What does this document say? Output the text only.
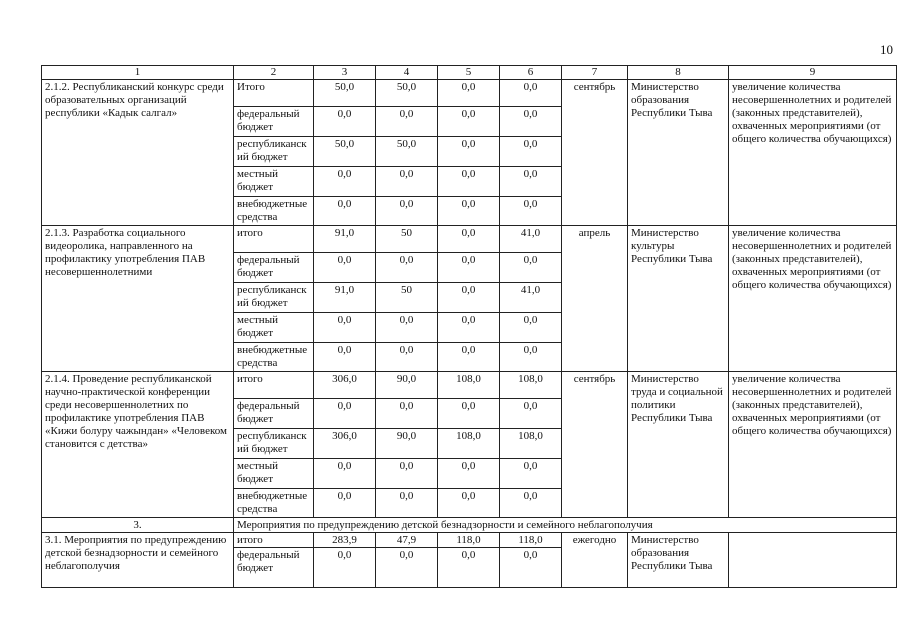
10
1	2	3	4	5	6	7	8	9
2.1.2. Республиканский конкурс среди образовательных организаций республики «Кадык салгал»	Итого	50,0	50,0	0,0	0,0	сентябрь	Министерство образования Республики Тыва	увеличение количества несовершеннолетних и родителей (законных представителей), охваченных мероприятиями (от общего количества обучающихся)
	федеральный бюджет	0,0	0,0	0,0	0,0			
	республиканский бюджет	50,0	50,0	0,0	0,0			
	местный бюджет	0,0	0,0	0,0	0,0			
	внебюджетные средства	0,0	0,0	0,0	0,0			
2.1.3. Разработка социального видеоролика, направленного на профилактику употребления ПАВ несовершеннолетними	итого	91,0	50	0,0	41,0	апрель	Министерство культуры Республики Тыва	увеличение количества несовершеннолетних и родителей (законных представителей), охваченных мероприятиями (от общего количества обучающихся)
	федеральный бюджет	0,0	0,0	0,0	0,0			
	республиканский бюджет	91,0	50	0,0	41,0			
	местный бюджет	0,0	0,0	0,0	0,0			
	внебюджетные средства	0,0	0,0	0,0	0,0			
2.1.4. Проведение республиканской научно-практической конференции среди несовершеннолетних по профилактике употребления ПАВ «Кижи болуру чажындан» «Человеком становится с детства»	итого	306,0	90,0	108,0	108,0	сентябрь	Министерство труда и социальной политики Республики Тыва	увеличение количества несовершеннолетних и родителей (законных представителей), охваченных мероприятиями (от общего количества обучающихся)
	федеральный бюджет	0,0	0,0	0,0	0,0			
	республиканский бюджет	306,0	90,0	108,0	108,0			
	местный бюджет	0,0	0,0	0,0	0,0			
	внебюджетные средства	0,0	0,0	0,0	0,0			
3.	Мероприятия по предупреждению детской безнадзорности и семейного неблагополучия							
3.1. Мероприятия по предупреждению детской безнадзорности и семейного неблагополучия	итого	283,9	47,9	118,0	118,0	ежегодно	Министерство образования Республики Тыва	
	федеральный бюджет	0,0	0,0	0,0	0,0			
